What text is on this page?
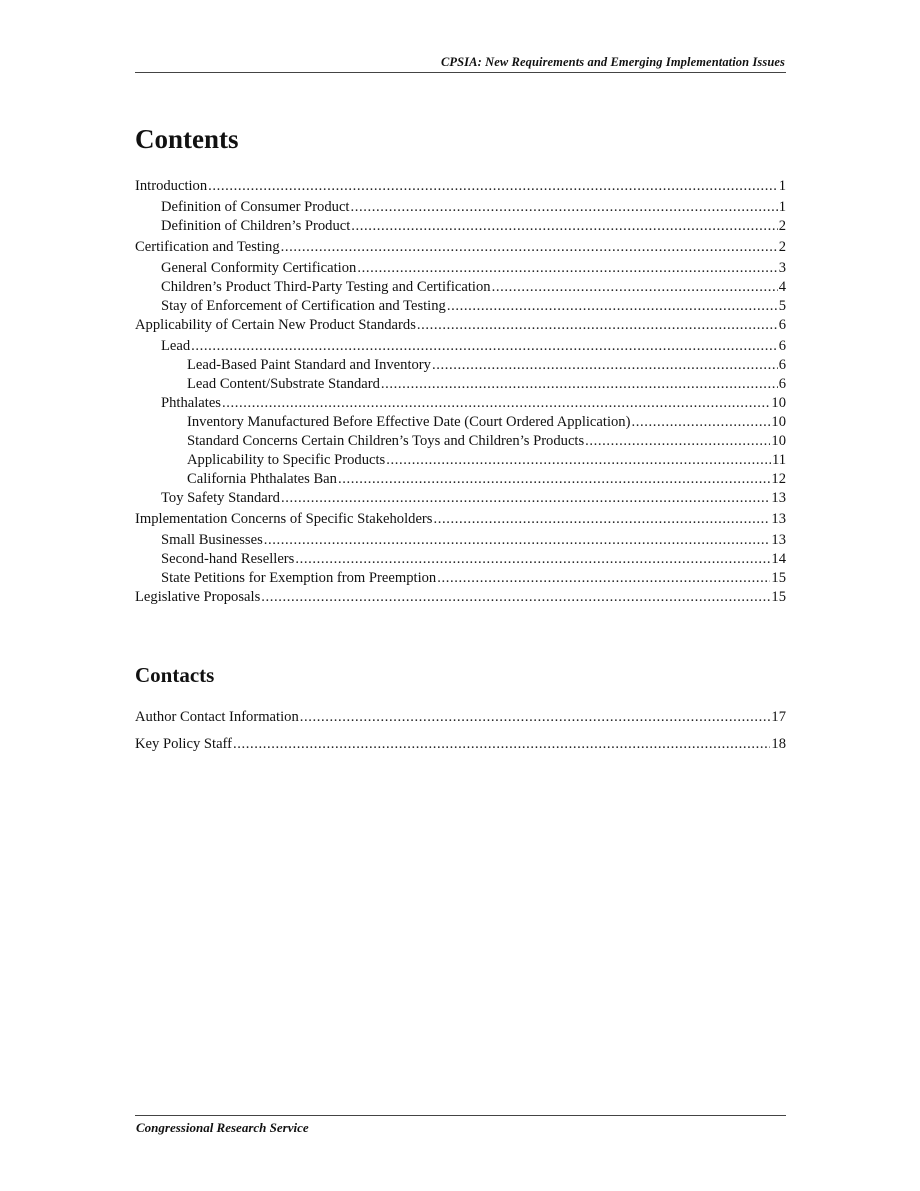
CPSIA: New Requirements and Emerging Implementation Issues
Contents
Introduction .....	1
Definition of Consumer Product .....	1
Definition of Children’s Product .....	2
Certification and Testing .....	2
General Conformity Certification .....	3
Children’s Product Third-Party Testing and Certification .....	4
Stay of Enforcement of Certification and Testing .....	5
Applicability of Certain New Product Standards .....	6
Lead .....	6
Lead-Based Paint Standard and Inventory .....	6
Lead Content/Substrate Standard .....	6
Phthalates .....	10
Inventory Manufactured Before Effective Date (Court Ordered Application) .....	10
Standard Concerns Certain Children’s Toys and Children’s Products .....	10
Applicability to Specific Products .....	11
California Phthalates Ban .....	12
Toy Safety Standard .....	13
Implementation Concerns of Specific Stakeholders .....	13
Small Businesses .....	13
Second-hand Resellers .....	14
State Petitions for Exemption from Preemption .....	15
Legislative Proposals .....	15
Contacts
Author Contact Information .....	17
Key Policy Staff .....	18
Congressional Research Service
